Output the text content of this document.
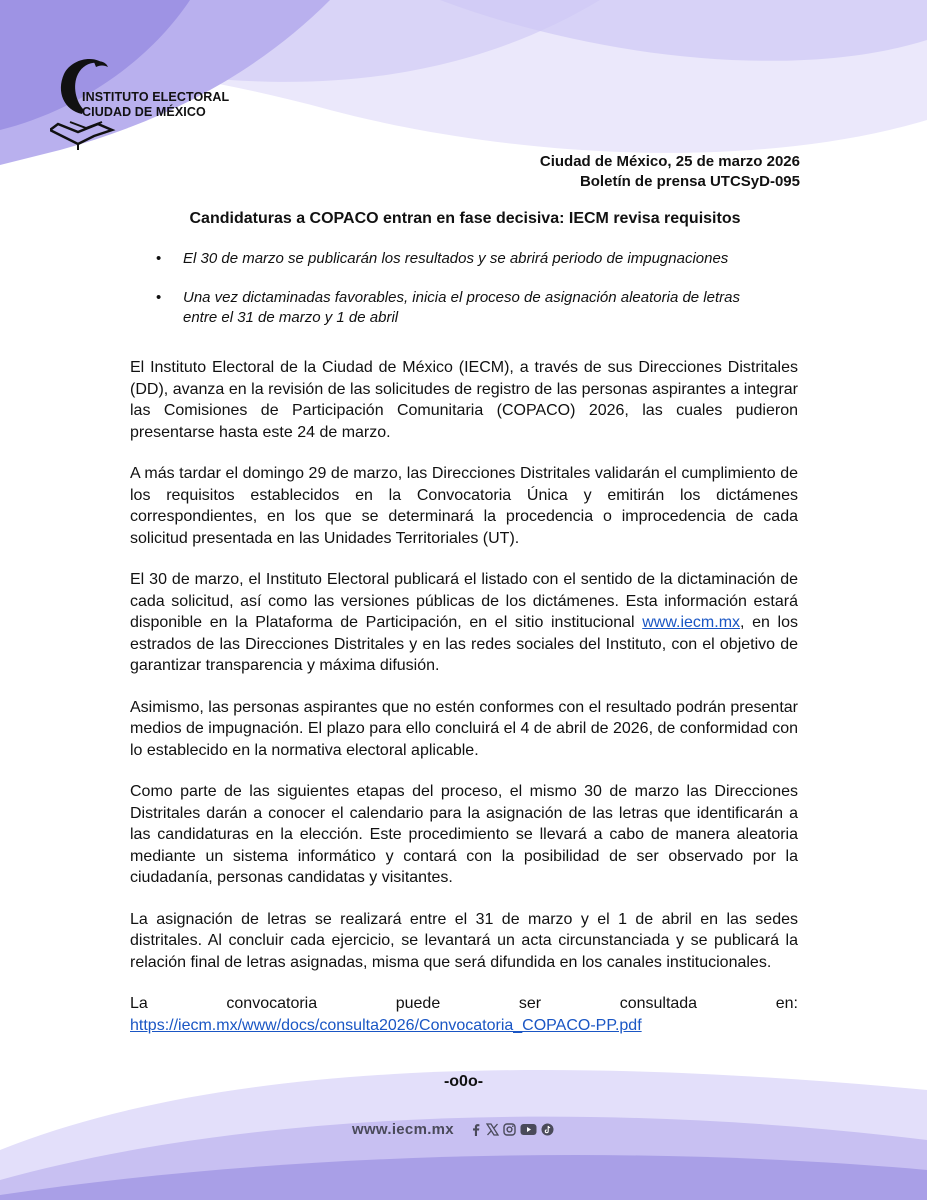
INSTITUTO ELECTORAL
CIUDAD DE MÉXICO
Ciudad de México, 25 de marzo 2026
Boletín de prensa UTCSyD-095
Candidaturas a COPACO entran en fase decisiva: IECM revisa requisitos
• El 30 de marzo se publicarán los resultados y se abrirá periodo de impugnaciones
• Una vez dictaminadas favorables, inicia el proceso de asignación aleatoria de letras
entre el 31 de marzo y 1 de abril

El Instituto Electoral de la Ciudad de México (IECM), a través de sus Direcciones Distritales (DD), avanza en la revisión de las solicitudes de registro de las personas aspirantes a integrar las Comisiones de Participación Comunitaria (COPACO) 2026, las cuales pudieron presentarse hasta este 24 de marzo.

A más tardar el domingo 29 de marzo, las Direcciones Distritales validarán el cumplimiento de los requisitos establecidos en la Convocatoria Única y emitirán los dictámenes correspondientes, en los que se determinará la procedencia o improcedencia de cada solicitud presentada en las Unidades Territoriales (UT).

El 30 de marzo, el Instituto Electoral publicará el listado con el sentido de la dictaminación de cada solicitud, así como las versiones públicas de los dictámenes. Esta información estará disponible en la Plataforma de Participación, en el sitio institucional www.iecm.mx, en los estrados de las Direcciones Distritales y en las redes sociales del Instituto, con el objetivo de garantizar transparencia y máxima difusión.

Asimismo, las personas aspirantes que no estén conformes con el resultado podrán presentar medios de impugnación. El plazo para ello concluirá el 4 de abril de 2026, de conformidad con lo establecido en la normativa electoral aplicable.

Como parte de las siguientes etapas del proceso, el mismo 30 de marzo las Direcciones Distritales darán a conocer el calendario para la asignación de las letras que identificarán a las candidaturas en la elección. Este procedimiento se llevará a cabo de manera aleatoria mediante un sistema informático y contará con la posibilidad de ser observado por la ciudadanía, personas candidatas y visitantes.

La asignación de letras se realizará entre el 31 de marzo y el 1 de abril en las sedes distritales. Al concluir cada ejercicio, se levantará un acta circunstanciada y se publicará la relación final de letras asignadas, misma que será difundida en los canales institucionales.

La	convocatoria	puede	ser	consultada	en:
https://iecm.mx/www/docs/consulta2026/Convocatoria_COPACO-PP.pdf

-o0o-
www.iecm.mx
